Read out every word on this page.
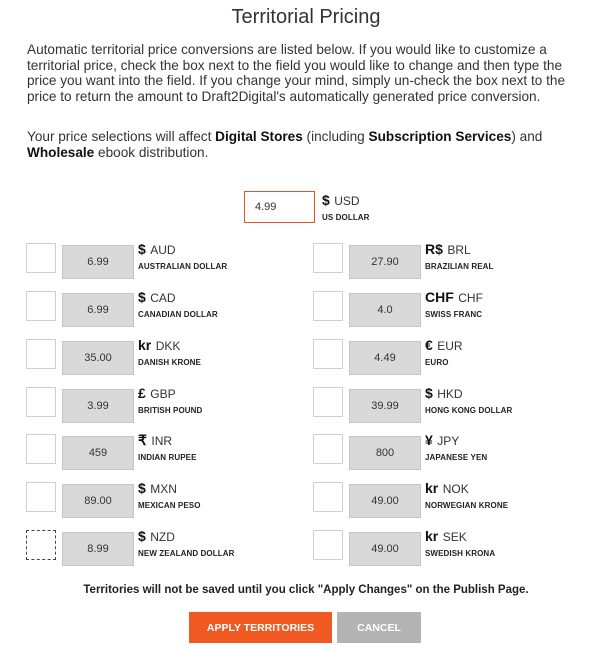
Territorial Pricing

Automatic territorial price conversions are listed below. If you would like to customize a territorial price, check the box next to the field you would like to change and then type the price you want into the field. If you change your mind, simply un-check the box next to the price to return the amount to Draft2Digital's automatically generated price conversion.

Your price selections will affect Digital Stores (including Subscription Services) and Wholesale ebook distribution.

4.99
$ USD
US DOLLAR
6.99
$ AUD
AUSTRALIAN DOLLAR
6.99
$ CAD
CANADIAN DOLLAR
35.00
kr DKK
DANISH KRONE
3.99
£ GBP
BRITISH POUND
459
₹ INR
INDIAN RUPEE
89.00
$ MXN
MEXICAN PESO
8.99
$ NZD
NEW ZEALAND DOLLAR
27.90
R$ BRL
BRAZILIAN REAL
4.0
CHF CHF
SWISS FRANC
4.49
€ EUR
EURO
39.99
$ HKD
HONG KONG DOLLAR
800
¥ JPY
JAPANESE YEN
49.00
kr NOK
NORWEGIAN KRONE
49.00
kr SEK
SWEDISH KRONA
Territories will not be saved until you click "Apply Changes" on the Publish Page.
APPLY TERRITORIES	CANCEL
